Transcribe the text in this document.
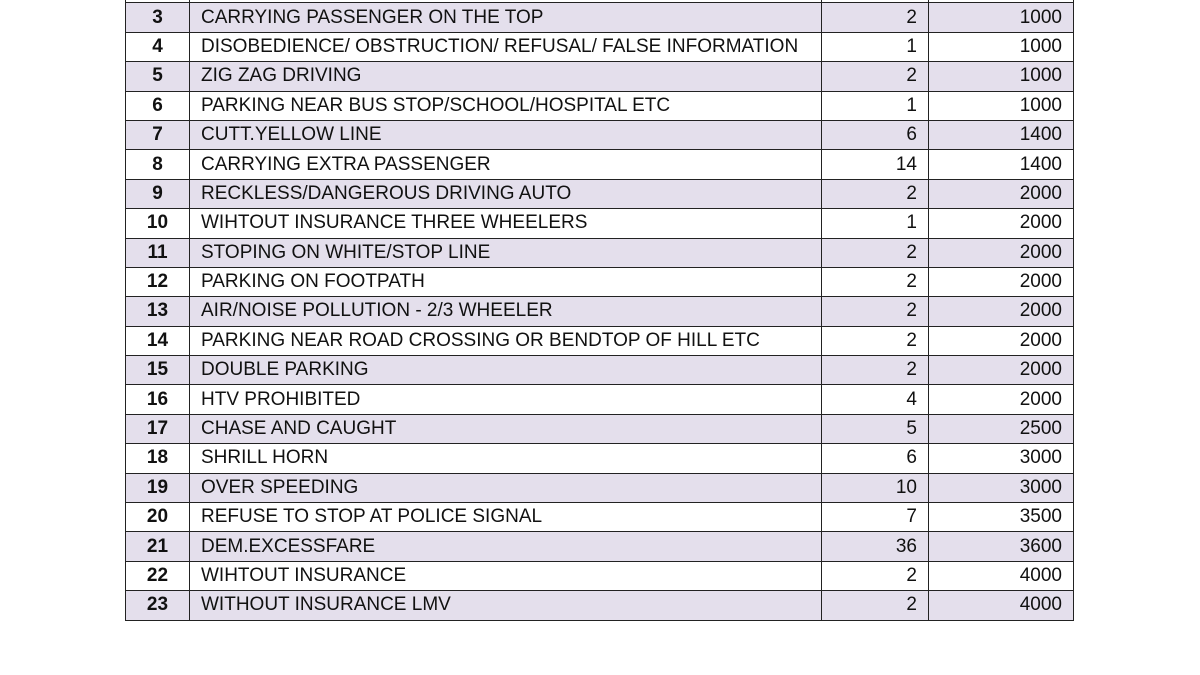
3	CARRYING PASSENGER ON THE TOP	2	1000
4	DISOBEDIENCE/ OBSTRUCTION/ REFUSAL/ FALSE INFORMATION	1	1000
5	ZIG ZAG DRIVING	2	1000
6	PARKING NEAR BUS STOP/SCHOOL/HOSPITAL ETC	1	1000
7	CUTT.YELLOW LINE	6	1400
8	CARRYING EXTRA PASSENGER	14	1400
9	RECKLESS/DANGEROUS DRIVING AUTO	2	2000
10	WIHTOUT INSURANCE THREE WHEELERS	1	2000
11	STOPING ON WHITE/STOP LINE	2	2000
12	PARKING ON FOOTPATH	2	2000
13	AIR/NOISE POLLUTION - 2/3 WHEELER	2	2000
14	PARKING NEAR ROAD CROSSING OR BENDTOP OF HILL ETC	2	2000
15	DOUBLE PARKING	2	2000
16	HTV PROHIBITED	4	2000
17	CHASE AND CAUGHT	5	2500
18	SHRILL HORN	6	3000
19	OVER SPEEDING	10	3000
20	REFUSE TO STOP AT POLICE SIGNAL	7	3500
21	DEM.EXCESSFARE	36	3600
22	WIHTOUT INSURANCE	2	4000
23	WITHOUT INSURANCE LMV	2	4000
